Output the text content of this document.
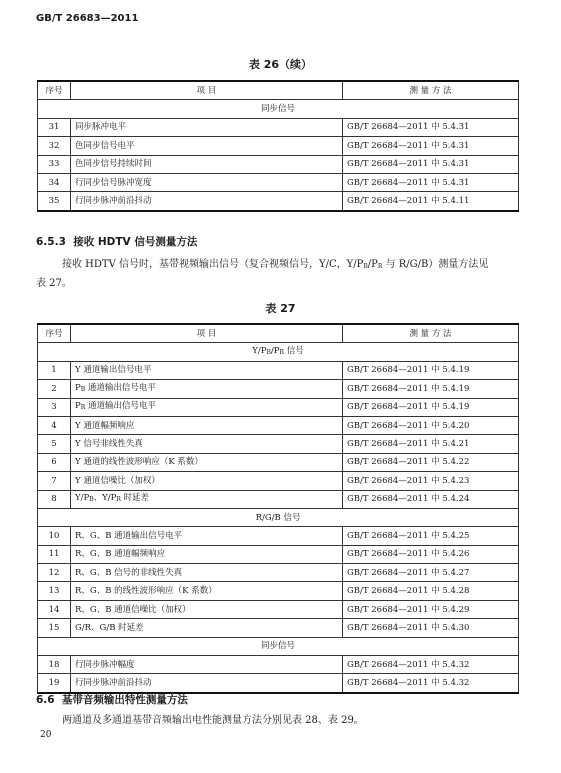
GB/T 26683—2011
表 26（续）
序号	项 目	测 量 方 法
同步信号		
31	同步脉冲电平	GB/T 26684—2011 中 5.4.31
32	色同步信号电平	GB/T 26684—2011 中 5.4.31
33	色同步信号持续时间	GB/T 26684—2011 中 5.4.31
34	行同步信号脉冲宽度	GB/T 26684—2011 中 5.4.31
35	行同步脉冲前沿抖动	GB/T 26684—2011 中 5.4.11
6.5.3 接收 HDTV 信号测量方法
接收 HDTV 信号时，基带视频输出信号（复合视频信号，Y/C，Y/PB/PR 与 R/G/B）测量方法见
表 27。
表 27
序号	项 目	测 量 方 法
Y/PB/PR 信号		
1	Y 通道输出信号电平	GB/T 26684—2011 中 5.4.19
2	PB 通道输出信号电平	GB/T 26684—2011 中 5.4.19
3	PR 通道输出信号电平	GB/T 26684—2011 中 5.4.19
4	Y 通道幅频响应	GB/T 26684—2011 中 5.4.20
5	Y 信号非线性失真	GB/T 26684—2011 中 5.4.21
6	Y 通道的线性波形响应（K 系数）	GB/T 26684—2011 中 5.4.22
7	Y 通道信噪比（加权）	GB/T 26684—2011 中 5.4.23
8	Y/PB、Y/PR 时延差	GB/T 26684—2011 中 5.4.24
R/G/B 信号		
10	R、G、B 通道输出信号电平	GB/T 26684—2011 中 5.4.25
11	R、G、B 通道幅频响应	GB/T 26684—2011 中 5.4.26
12	R、G、B 信号的非线性失真	GB/T 26684—2011 中 5.4.27
13	R、G、B 的线性波形响应（K 系数）	GB/T 26684—2011 中 5.4.28
14	R、G、B 通道信噪比（加权）	GB/T 26684—2011 中 5.4.29
15	G/R、G/B 时延差	GB/T 26684—2011 中 5.4.30
同步信号		
18	行同步脉冲幅度	GB/T 26684—2011 中 5.4.32
19	行同步脉冲前沿抖动	GB/T 26684—2011 中 5.4.32
6.6 基带音频输出特性测量方法
两通道及多通道基带音频输出电性能测量方法分别见表 28、表 29。
20
